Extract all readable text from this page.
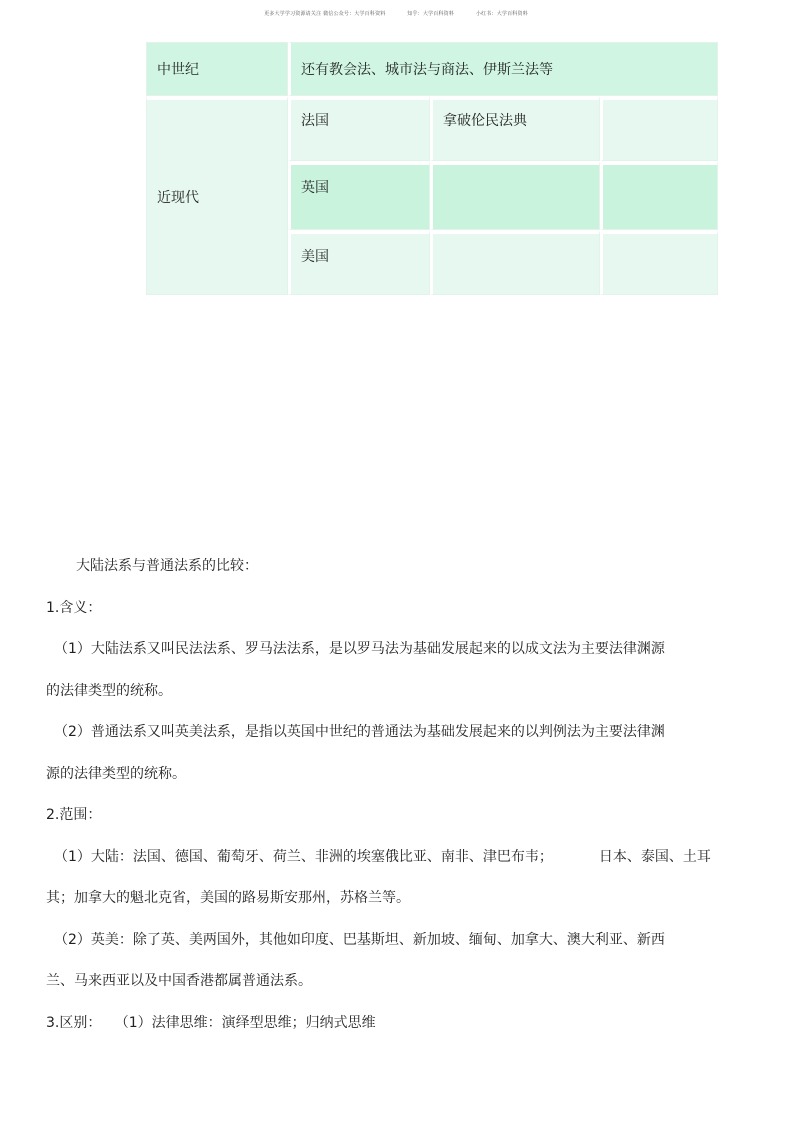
更多大学学习资源请关注 微信公众号：大学百科资料	知乎：大学百科资料	小红书：大学百科资料
中世纪	还有教会法、城市法与商法、伊斯兰法等		
近现代	法国	拿破伦民法典	
	英国		
	美国		

大陆法系与普通法系的比较：

1.含义：

（1）大陆法系又叫民法法系、罗马法法系，是以罗马法为基础发展起来的以成文法为主要法律渊源

的法律类型的统称。

（2）普通法系又叫英美法系，是指以英国中世纪的普通法为基础发展起来的以判例法为主要法律渊

源的法律类型的统称。

2.范围：

（1）大陆：法国、德国、葡萄牙、荷兰、非洲的埃塞俄比亚、南非、津巴布韦；	日本、泰国、土耳

其；加拿大的魁北克省，美国的路易斯安那州，苏格兰等。

（2）英美：除了英、美两国外，其他如印度、巴基斯坦、新加坡、缅甸、加拿大、澳大利亚、新西

兰、马来西亚以及中国香港都属普通法系。

3.区别： （1）法律思维：演绎型思维；归纳式思维
